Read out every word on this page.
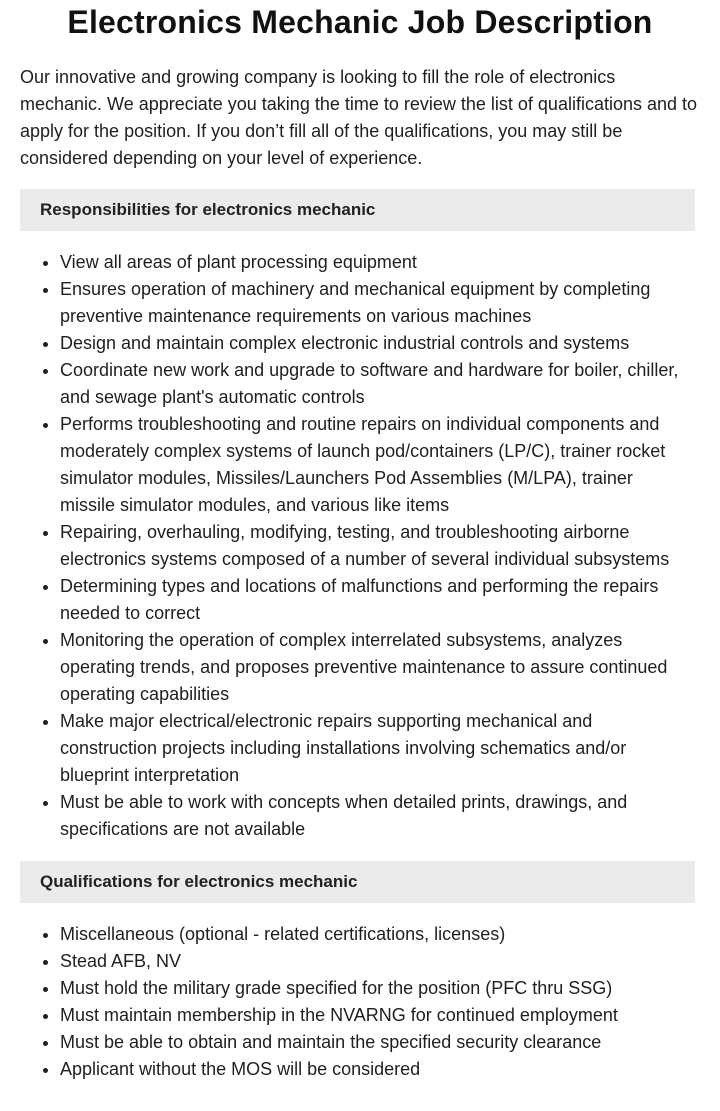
Electronics Mechanic Job Description

Our innovative and growing company is looking to fill the role of electronics mechanic. We appreciate you taking the time to review the list of qualifications and to apply for the position. If you don’t fill all of the qualifications, you may still be considered depending on your level of experience.

Responsibilities for electronics mechanic
• View all areas of plant processing equipment
• Ensures operation of machinery and mechanical equipment by completing preventive maintenance requirements on various machines
• Design and maintain complex electronic industrial controls and systems
• Coordinate new work and upgrade to software and hardware for boiler, chiller, and sewage plant's automatic controls
• Performs troubleshooting and routine repairs on individual components and moderately complex systems of launch pod/containers (LP/C), trainer rocket simulator modules, Missiles/Launchers Pod Assemblies (M/LPA), trainer missile simulator modules, and various like items
• Repairing, overhauling, modifying, testing, and troubleshooting airborne electronics systems composed of a number of several individual subsystems
• Determining types and locations of malfunctions and performing the repairs needed to correct
• Monitoring the operation of complex interrelated subsystems, analyzes operating trends, and proposes preventive maintenance to assure continued operating capabilities
• Make major electrical/electronic repairs supporting mechanical and construction projects including installations involving schematics and/or blueprint interpretation
• Must be able to work with concepts when detailed prints, drawings, and specifications are not available
Qualifications for electronics mechanic
• Miscellaneous (optional - related certifications, licenses)
• Stead AFB, NV
• Must hold the military grade specified for the position (PFC thru SSG)
• Must maintain membership in the NVARNG for continued employment
• Must be able to obtain and maintain the specified security clearance
• Applicant without the MOS will be considered
